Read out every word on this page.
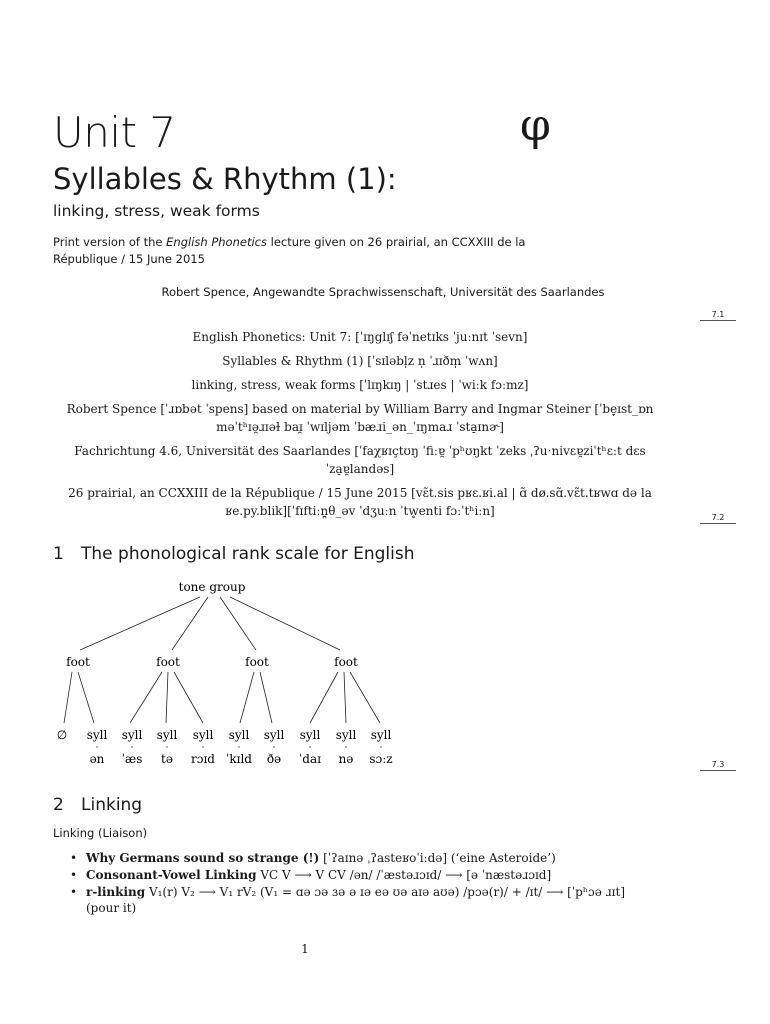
Unit 7	φ
Syllables & Rhythm (1):
linking, stress, weak forms
Print version of the English Phonetics lecture given on 26 prairial, an CCXXIII de la République / 15 June 2015
Robert Spence, Angewandte Sprachwissenschaft, Universität des Saarlandes
7.1

English Phonetics: Unit 7: [ˈɪŋglɪʃ fəˈnetɪks ˈjuːnɪt ˈsevn]

Syllables & Rhythm (1) [ˈsɪləbl̩z n̩ ˈɹɪðm̩ ˈwʌn]

linking, stress, weak forms [ˈlɪŋkɪŋ | ˈstɹes | ˈwiːk fɔːmz]

Robert Spence [ˈɹɒbət ˈspens] based on material by William Barry and Ingmar Steiner [ˈbe̞ɪst_ɒn məˈtʰɪə̯ɹɪəɫ baɪ̯ ˈwɪljəm ˈbæɹi_ən_ˈɪŋmaɹ ˈsta̠ɪnɚ]

Fachrichtung 4.6, Universität des Saarlandes [ˈfaχʁɪçtʊŋ ˈfiːɐ̯ ˈpʰʊŋkt ˈzeks ˌʔuˑnivɛɐ̯ziˈtʰɛːt dɛs ˈza̠ɐ̯landəs]

26 prairial, an CCXXIII de la République / 15 June 2015 [vɛ̃t.sis pʁɛ.ʁi.al | ɑ̃ dø.sɑ̃.vɛ̃t.tʁwɑ də la ʁe.py.blik][ˈfɪftiːn̪θ_əv ˈdʒuːn ˈtw̥enti fɔːˈtʰiːn]	7.2
1 The phonological rank scale for English
tone group
foot	foot	foot	foot
∅ syll syll syll syll syll syll syll syll syll
ən ˈæs tə rɔɪd ˈkɪld ðə ˈdaɪ nə sɔːz	7.3
2 Linking
Linking (Liaison)
• Why Germans sound so strange (!) [ˈʔaɪnə ˌʔasteʁoˈiːdə] (‘eine Asteroide’)
• Consonant-Vowel Linking VC V ⟶ V CV /ən/ /ˈæstəɹɔɪd/ ⟶ [ə ˈnæstəɹɔɪd]
• r-linking V₁(r) V₂ ⟶ V₁ rV₂ (V₁ = ɑə ɔə ɜə ə ɪə eə ʊə aɪə aʊə) /pɔə(r)/ + /ɪt/ ⟶ [ˈpʰɔə ɹɪt] (pour it)
1
